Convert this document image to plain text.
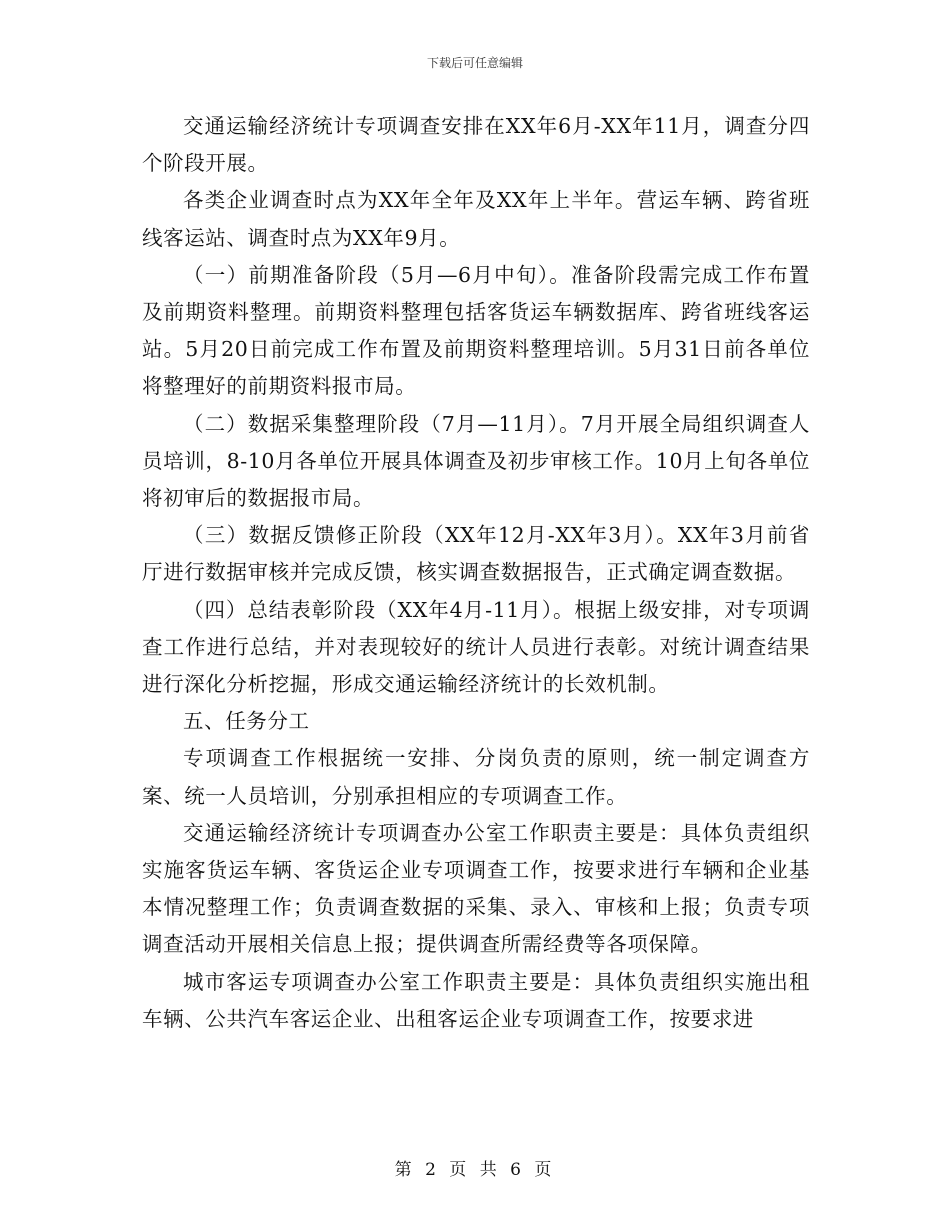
下载后可任意编辑

交通运输经济统计专项调查安排在XX年6月-XX年11月，调查分四个阶段开展。

各类企业调查时点为XX年全年及XX年上半年。营运车辆、跨省班线客运站、调查时点为XX年9月。

（一）前期准备阶段（5月—6月中旬）。准备阶段需完成工作布置及前期资料整理。前期资料整理包括客货运车辆数据库、跨省班线客运站。5月20日前完成工作布置及前期资料整理培训。5月31日前各单位将整理好的前期资料报市局。

（二）数据采集整理阶段（7月—11月）。7月开展全局组织调查人员培训，8-10月各单位开展具体调查及初步审核工作。10月上旬各单位将初审后的数据报市局。

（三）数据反馈修正阶段（XX年12月-XX年3月）。XX年3月前省厅进行数据审核并完成反馈，核实调查数据报告，正式确定调查数据。

（四）总结表彰阶段（XX年4月-11月）。根据上级安排，对专项调查工作进行总结，并对表现较好的统计人员进行表彰。对统计调查结果进行深化分析挖掘，形成交通运输经济统计的长效机制。

五、任务分工

专项调查工作根据统一安排、分岗负责的原则，统一制定调查方案、统一人员培训，分别承担相应的专项调查工作。

交通运输经济统计专项调查办公室工作职责主要是：具体负责组织实施客货运车辆、客货运企业专项调查工作，按要求进行车辆和企业基本情况整理工作；负责调查数据的采集、录入、审核和上报；负责专项调查活动开展相关信息上报；提供调查所需经费等各项保障。

城市客运专项调查办公室工作职责主要是：具体负责组织实施出租车辆、公共汽车客运企业、出租客运企业专项调查工作，按要求进

第 2 页 共 6 页
